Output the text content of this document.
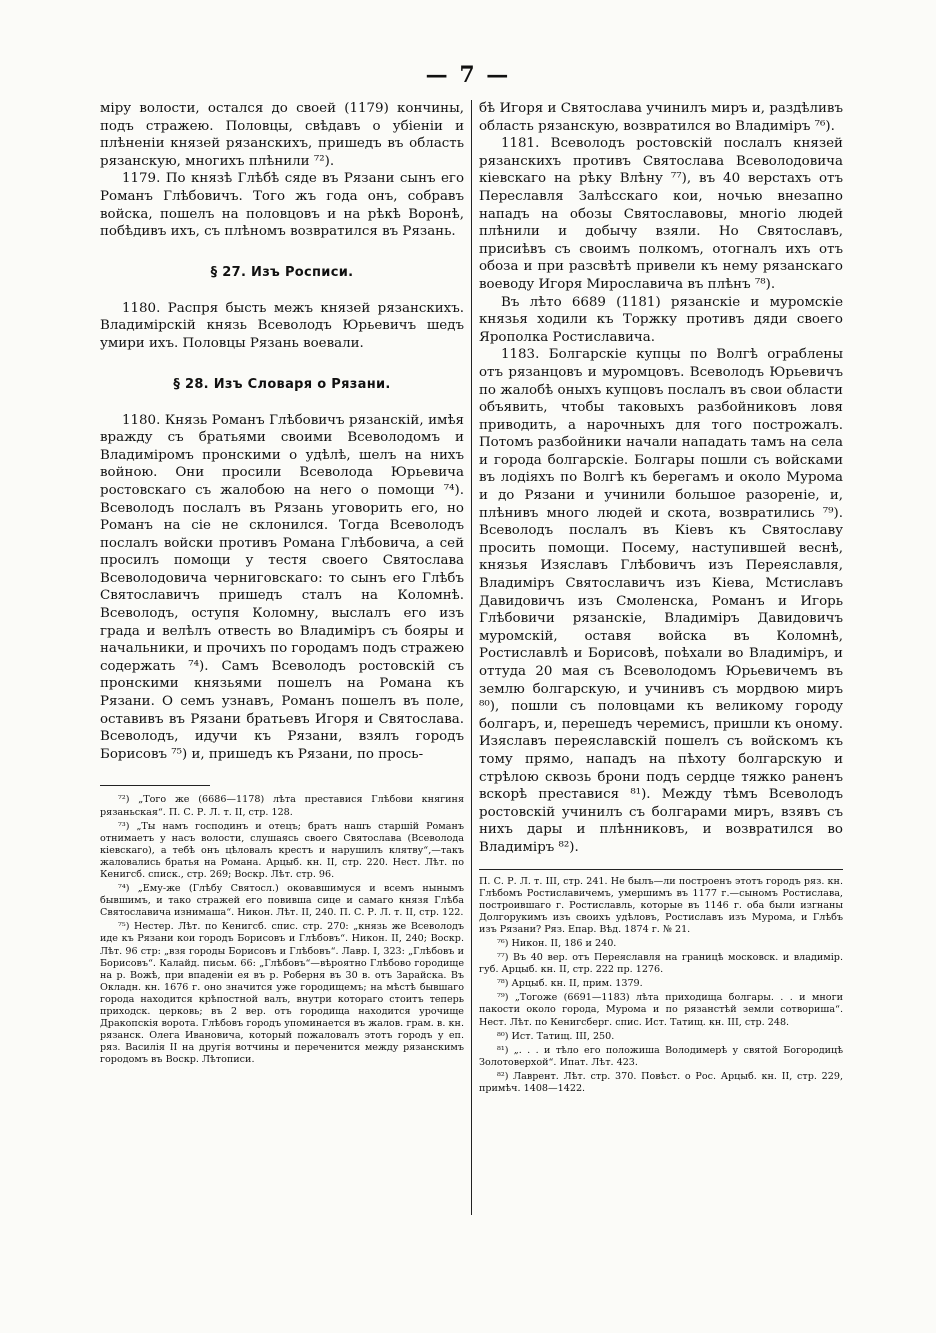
— 7 —

міру волости, остался до своей (1179) кончины, подъ стражею. Половцы, свѣдавъ о убіеніи и плѣненіи князей рязанскихъ, пришедъ въ область рязанскую, многихъ плѣнили ⁷²).

1179. По князѣ Глѣбѣ сяде въ Рязани сынъ его Романъ Глѣбовичъ. Того жъ года онъ, собравъ войска, пошелъ на половцовъ и на рѣкѣ Воронѣ, побѣдивъ ихъ, съ плѣномъ возвратился въ Рязань.

§ 27. Изъ Росписи.

1180. Распря бысть межъ князей рязанскихъ. Владимірскій князь Всеволодъ Юрьевичъ шедъ умири ихъ. Половцы Рязань воевали.

§ 28. Изъ Словаря о Рязани.

1180. Князь Романъ Глѣбовичъ рязанскій, имѣя вражду съ братьями своими Всеволодомъ и Владиміромъ пронскими о удѣлѣ, шелъ на нихъ войною. Они просили Всеволода Юрьевича ростовскаго съ жалобою на него о помощи ⁷⁴). Всеволодъ послалъ въ Рязань уговорить его, но Романъ на сіе не склонился. Тогда Всеволодъ послалъ войски противъ Романа Глѣбовича, а сей просилъ помощи у тестя своего Святослава Всеволодовича черниговскаго: то сынъ его Глѣбъ Святославичъ пришедъ сталъ на Коломнѣ. Всеволодъ, оступя Коломну, выслалъ его изъ града и велѣлъ отвесть во Владиміръ съ бояры и начальники, и прочихъ по городамъ подъ стражею содержать ⁷⁴). Самъ Всеволодъ ростовскій съ пронскими князьями пошелъ на Романа къ Рязани. О семъ узнавъ, Романъ пошелъ въ поле, оставивъ въ Рязани братьевъ Игоря и Святослава. Всеволодъ, идучи къ Рязани, взялъ городъ Борисовъ ⁷⁵) и, пришедъ къ Рязани, по прось-

⁷²) „Того же (6686—1178) лѣта преставися Глѣбови княгиня рязаньская“. П. С. Р. Л. т. II, стр. 128.

⁷³) „Ты намъ господинъ и отецъ; братъ нашъ старшій Романъ отнимаетъ у насъ волости, слушаясь своего Святослава (Всеволода кіевскаго), а тебѣ онъ цѣловалъ крестъ и нарушилъ клятву“,—такъ жаловались братья на Романа. Арцыб. кн. II, стр. 220. Нест. Лѣт. по Кенигсб. списк., стр. 269; Воскр. Лѣт. стр. 96.

⁷⁴) „Ему-же (Глѣбу Святосл.) оковавшимуся и всемъ нынымъ бывшимъ, и тако стражей его повивша сице и самаго князя Глѣба Святославича изнимаша“. Никон. Лѣт. II, 240. П. С. Р. Л. т. II, стр. 122.

⁷⁵) Нестер. Лѣт. по Кенигсб. спис. стр. 270: „князь же Всеволодъ иде къ Рязани кои городъ Борисовъ и Глѣбовъ“. Никон. II, 240; Воскр. Лѣт. 96 стр: „взя городы Борисовъ и Глѣбовъ“. Лавр. I, 323: „Глѣбовъ и Борисовъ“. Калайд. письм. 66: „Глѣбовъ“—вѣроятно Глѣбово городище на р. Вожѣ, при впаденіи ея въ р. Роберня въ 30 в. отъ Зарайска. Въ Окладн. кн. 1676 г. оно значится уже городищемъ; на мѣстѣ бывшаго города находится крѣпостной валъ, внутри котораго стоитъ теперь приходск. церковь; въ 2 вер. отъ городища находится урочище Дракопскія ворота. Глѣбовъ городъ упоминается въ жалов. грам. в. кн. рязанск. Олега Ивановича, который пожаловалъ этотъ городъ у еп. ряз. Василія II на другія вотчины и переченится между рязанскимъ городомъ въ Воскр. Лѣтописи.

бѣ Игоря и Святослава учинилъ миръ и, раздѣливъ область рязанскую, возвратился во Владиміръ ⁷⁶).

1181. Всеволодъ ростовскій послалъ князей рязанскихъ противъ Святослава Всеволодовича кіевскаго на рѣку Влѣну ⁷⁷), въ 40 верстахъ отъ Переславля Залѣсскаго кои, ночью внезапно нападъ на обозы Святославовы, многіо людей плѣнили и добычу взяли. Но Святославъ, присиѣвъ съ своимъ полкомъ, отогналъ ихъ отъ обоза и при разсвѣтѣ привели къ нему рязанскаго воеводу Игоря Мирославича въ плѣнъ ⁷⁸).

Въ лѣто 6689 (1181) рязанскіе и муромскіе князья ходили къ Торжку противъ дяди своего Ярополка Ростиславича.

1183. Болгарскіе купцы по Волгѣ ограблены отъ рязанцовъ и муромцовъ. Всеволодъ Юрьевичъ по жалобѣ оныхъ купцовъ послалъ въ свои области объявить, чтобы таковыхъ разбойниковъ ловя приводить, а нарочныхъ для того построжалъ. Потомъ разбойники начали нападать тамъ на села и города болгарскіе. Болгары пошли съ войсками въ лодіяхъ по Волгѣ къ берегамъ и около Мурома и до Рязани и учинили большое разореніе, и, плѣнивъ много людей и скота, возвратились ⁷⁹). Всеволодъ послалъ въ Кіевъ къ Святославу просить помощи. Посему, наступившей веснѣ, князья Изяславъ Глѣбовичъ изъ Переяславля, Владиміръ Святославичъ изъ Кіева, Мстиславъ Давидовичъ изъ Смоленска, Романъ и Игорь Глѣбовичи рязанскіе, Владиміръ Давидовичъ муромскій, оставя войска въ Коломнѣ, Ростиславлѣ и Борисовѣ, поѣхали во Владиміръ, и оттуда 20 мая съ Всеволодомъ Юрьевичемъ въ землю болгарскую, и учинивъ съ мордвою миръ ⁸⁰), пошли съ половцами къ великому городу болгаръ, и, перешедъ черемисъ, пришли къ оному. Изяславъ переяславскій пошелъ съ войскомъ къ тому прямо, нападъ на пѣхоту болгарскую и стрѣлою сквозь брони подъ сердце тяжко раненъ вскорѣ преставися ⁸¹). Между тѣмъ Всеволодъ ростовскій учинилъ съ болгарами миръ, взявъ съ нихъ дары и плѣнниковъ, и возвратился во Владиміръ ⁸²).

П. С. Р. Л. т. III, стр. 241. Не былъ—ли построенъ этотъ городъ ряз. кн. Глѣбомъ Ростиславичемъ, умершимъ въ 1177 г.—сыномъ Ростислава, построившаго г. Ростиславль, которые въ 1146 г. оба были изгнаны Долгорукимъ изъ своихъ удѣловъ, Ростиславъ изъ Мурома, и Глѣбъ изъ Рязани? Ряз. Епар. Вѣд. 1874 г. № 21.

⁷⁶) Никон. II, 186 и 240.

⁷⁷) Въ 40 вер. отъ Переяславля на границѣ московск. и владимір. губ. Арцыб. кн. II, стр. 222 пр. 1276.

⁷⁸) Арцыб. кн. II, прим. 1379.

⁷⁹) „Тогоже (6691—1183) лѣта приходища болгары. . . и многи пакости около города, Мурома и по рязанстѣй земли сотвориша“. Нест. Лѣт. по Кенигсберг. спис. Ист. Татищ. кн. III, стр. 248.

⁸⁰) Ист. Татищ. III, 250.

⁸¹) „. . . и тѣло его положиша Володимерѣ у святой Богородицѣ Золотоверхой“. Ипат. Лѣт. 423.

⁸²) Лаврент. Лѣт. стр. 370. Повѣст. о Рос. Арцыб. кн. II, стр. 229, примѣч. 1408—1422.
